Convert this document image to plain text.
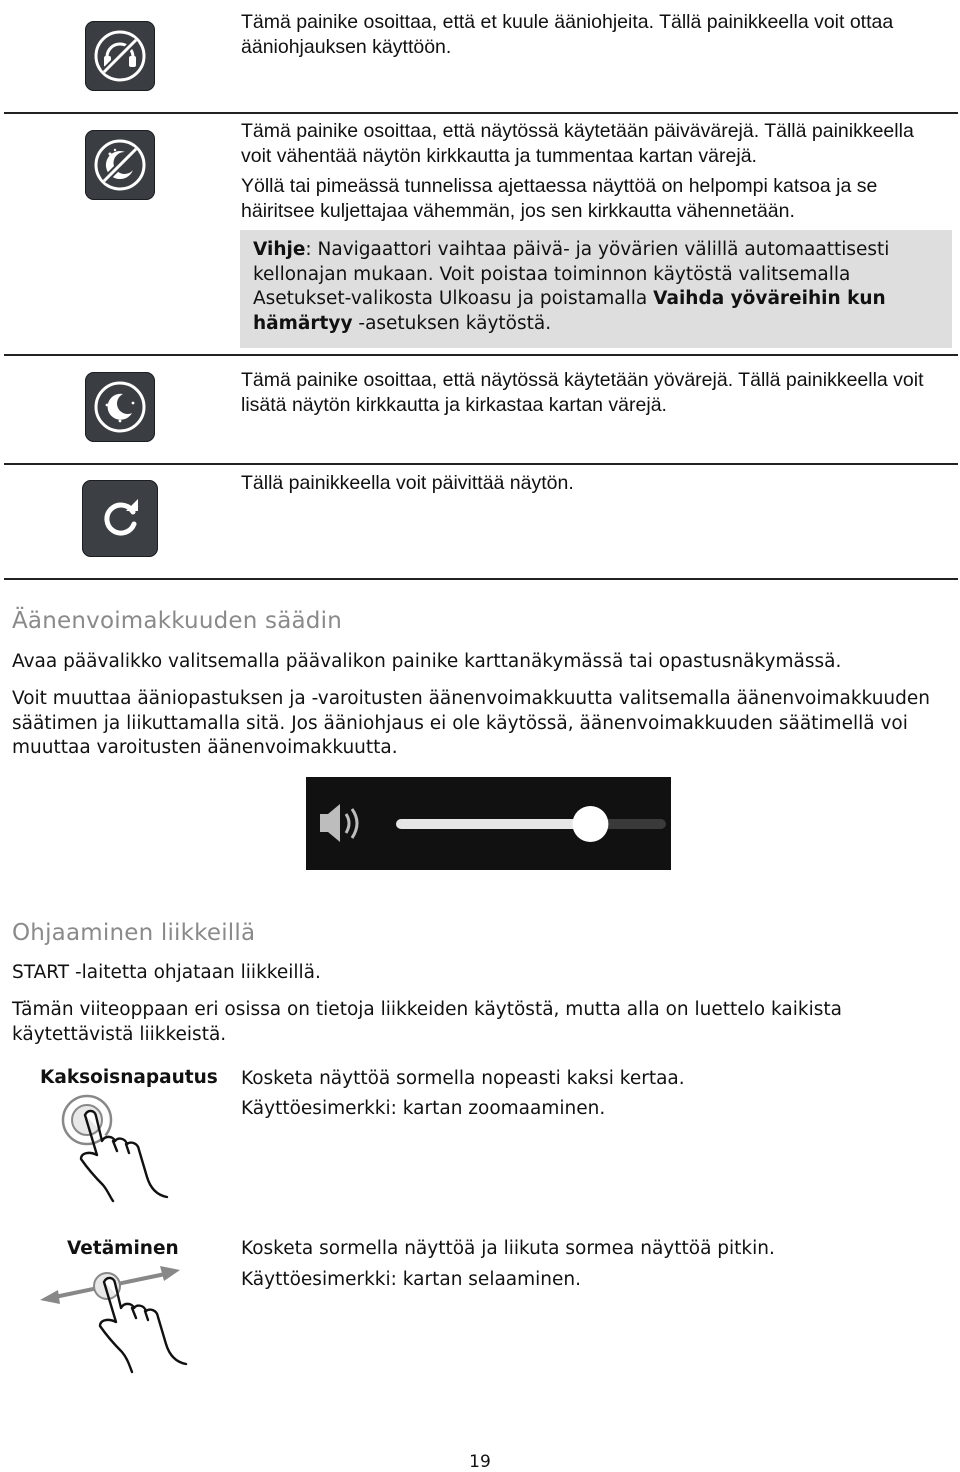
Tämä painike osoittaa, että et kuule ääniohjeita. Tällä painikkeella voit ottaa ääniohjauksen käyttöön.
Tämä painike osoittaa, että näytössä käytetään päivävärejä. Tällä painikkeella voit vähentää näytön kirkkautta ja tummentaa kartan värejä.
Yöllä tai pimeässä tunnelissa ajettaessa näyttöä on helpompi katsoa ja se häiritsee kuljettajaa vähemmän, jos sen kirkkautta vähennetään.
Vihje: Navigaattori vaihtaa päivä- ja yövärien välillä automaattisesti kellonajan mukaan. Voit poistaa toiminnon käytöstä valitsemalla Asetukset-valikosta Ulkoasu ja poistamalla Vaihda yöväreihin kun hämärtyy -asetuksen käytöstä.
Tämä painike osoittaa, että näytössä käytetään yövärejä. Tällä painikkeella voit lisätä näytön kirkkautta ja kirkastaa kartan värejä.
Tällä painikkeella voit päivittää näytön.
Äänenvoimakkuuden säädin
Avaa päävalikko valitsemalla päävalikon painike karttanäkymässä tai opastusnäkymässä.
Voit muuttaa ääniopastuksen ja -varoitusten äänenvoimakkuutta valitsemalla äänenvoimakkuuden säätimen ja liikuttamalla sitä. Jos ääniohjaus ei ole käytössä, äänenvoimakkuuden säätimellä voi muuttaa varoitusten äänenvoimakkuutta.
Ohjaaminen liikkeillä
START -laitetta ohjataan liikkeillä.
Tämän viiteoppaan eri osissa on tietoja liikkeiden käytöstä, mutta alla on luettelo kaikista käytettävistä liikkeistä.
Kaksoisnapautus Kosketa näyttöä sormella nopeasti kaksi kertaa.
Käyttöesimerkki: kartan zoomaaminen.
Vetäminen	Kosketa sormella näyttöä ja liikuta sormea näyttöä pitkin.
Käyttöesimerkki: kartan selaaminen.
19
